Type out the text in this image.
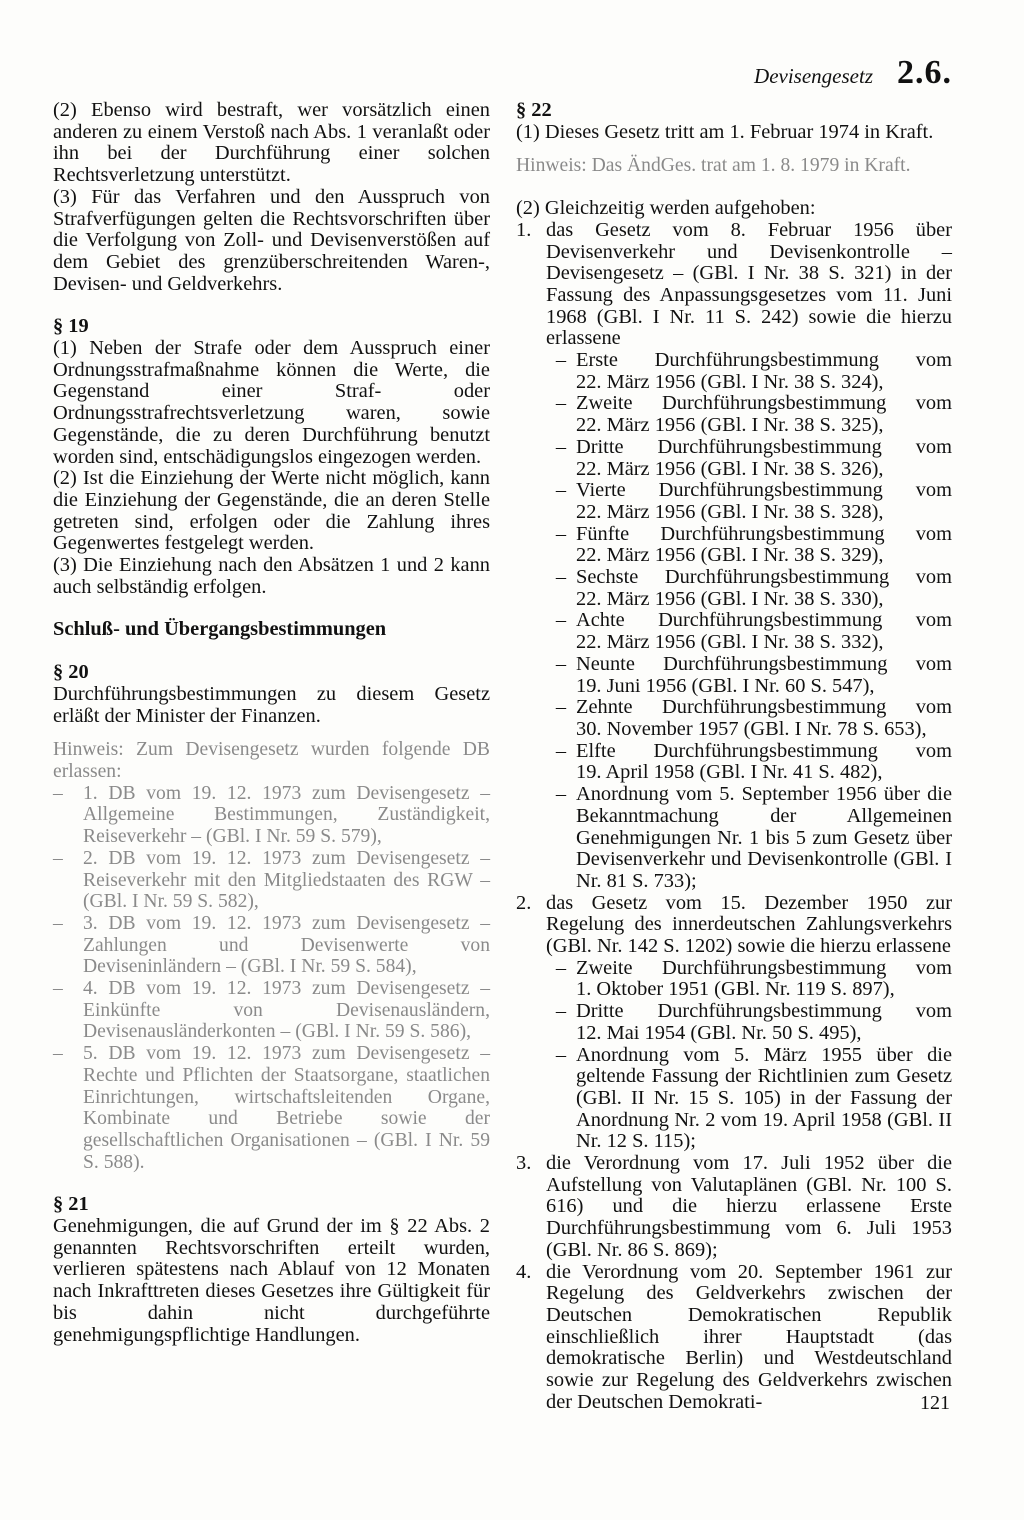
Devisengesetz 2.6.

(2) Ebenso wird bestraft, wer vorsätzlich einen anderen zu einem Verstoß nach Abs. 1 veranlaßt oder ihn bei der Durchführung einer solchen Rechtsverletzung unterstützt.

(3) Für das Verfahren und den Ausspruch von Strafverfügungen gelten die Rechtsvorschriften über die Verfolgung von Zoll- und Devisenverstößen auf dem Gebiet des grenzüberschreitenden Waren-, Devisen- und Geldverkehrs.

§ 19

(1) Neben der Strafe oder dem Ausspruch einer Ordnungsstrafmaßnahme können die Werte, die Gegenstand einer Straf- oder Ordnungsstrafrechtsverletzung waren, sowie Gegenstände, die zu deren Durchführung benutzt worden sind, entschädigungslos eingezogen werden.

(2) Ist die Einziehung der Werte nicht möglich, kann die Einziehung der Gegenstände, die an deren Stelle getreten sind, erfolgen oder die Zahlung ihres Gegenwertes festgelegt werden.

(3) Die Einziehung nach den Absätzen 1 und 2 kann auch selbständig erfolgen.

Schluß- und Übergangsbestimmungen

§ 20

Durchführungsbestimmungen zu diesem Gesetz erläßt der Minister der Finanzen.

Hinweis: Zum Devisengesetz wurden folgende DB erlassen:

–	1. DB vom 19. 12. 1973 zum Devisengesetz – Allgemeine Bestimmungen, Zuständigkeit, Reiseverkehr – (GBl. I Nr. 59 S. 579),
–	2. DB vom 19. 12. 1973 zum Devisengesetz – Reiseverkehr mit den Mitgliedstaaten des RGW – (GBl. I Nr. 59 S. 582),
–	3. DB vom 19. 12. 1973 zum Devisengesetz – Zahlungen und Devisenwerte von Deviseninländern – (GBl. I Nr. 59 S. 584),
–	4. DB vom 19. 12. 1973 zum Devisengesetz – Einkünfte von Devisenausländern, Devisenausländerkonten – (GBl. I Nr. 59 S. 586),
–	5. DB vom 19. 12. 1973 zum Devisengesetz – Rechte und Pflichten der Staatsorgane, staatlichen Einrichtungen, wirtschaftsleitenden Organe, Kombinate und Betriebe sowie der gesellschaftlichen Organisationen – (GBl. I Nr. 59 S. 588).

§ 21

Genehmigungen, die auf Grund der im § 22 Abs. 2 genannten Rechtsvorschriften erteilt wurden, verlieren spätestens nach Ablauf von 12 Monaten nach Inkrafttreten dieses Gesetzes ihre Gültigkeit für bis dahin nicht durchgeführte genehmigungspflichtige Handlungen.

§ 22

(1) Dieses Gesetz tritt am 1. Februar 1974 in Kraft.

Hinweis: Das ÄndGes. trat am 1. 8. 1979 in Kraft.

(2) Gleichzeitig werden aufgehoben:

1. das Gesetz vom 8. Februar 1956 über Devisenverkehr und Devisenkontrolle – Devisengesetz – (GBl. I Nr. 38 S. 321) in der Fassung des Anpassungsgesetzes vom 11. Juni 1968 (GBl. I Nr. 11 S. 242) sowie die hierzu erlassene

– Erste Durchführungsbestimmung vom
22. März 1956 (GBl. I Nr. 38 S. 324),
– Zweite Durchführungsbestimmung vom
22. März 1956 (GBl. I Nr. 38 S. 325),
– Dritte Durchführungsbestimmung vom
22. März 1956 (GBl. I Nr. 38 S. 326),
– Vierte Durchführungsbestimmung vom
22. März 1956 (GBl. I Nr. 38 S. 328),
– Fünfte Durchführungsbestimmung vom
22. März 1956 (GBl. I Nr. 38 S. 329),
– Sechste Durchführungsbestimmung vom
22. März 1956 (GBl. I Nr. 38 S. 330),
– Achte Durchführungsbestimmung vom
22. März 1956 (GBl. I Nr. 38 S. 332),
– Neunte Durchführungsbestimmung vom
19. Juni 1956 (GBl. I Nr. 60 S. 547),
– Zehnte Durchführungsbestimmung vom
30. November 1957 (GBl. I Nr. 78 S. 653),
– Elfte Durchführungsbestimmung vom
19. April 1958 (GBl. I Nr. 41 S. 482),
– Anordnung vom 5. September 1956 über die Bekanntmachung der Allgemeinen Genehmigungen Nr. 1 bis 5 zum Gesetz über Devisenverkehr und Devisenkontrolle (GBl. I Nr. 81 S. 733);
2. das Gesetz vom 15. Dezember 1950 zur Regelung des innerdeutschen Zahlungsverkehrs (GBl. Nr. 142 S. 1202) sowie die hierzu erlassene

– Zweite Durchführungsbestimmung vom
1. Oktober 1951 (GBl. Nr. 119 S. 897),
– Dritte Durchführungsbestimmung vom
12. Mai 1954 (GBl. Nr. 50 S. 495),
– Anordnung vom 5. März 1955 über die geltende Fassung der Richtlinien zum Gesetz (GBl. II Nr. 15 S. 105) in der Fassung der Anordnung Nr. 2 vom 19. April 1958 (GBl. II Nr. 12 S. 115);
3. die Verordnung vom 17. Juli 1952 über die Aufstellung von Valutaplänen (GBl. Nr. 100 S. 616) und die hierzu erlassene Erste Durchführungsbestimmung vom 6. Juli 1953 (GBl. Nr. 86 S. 869);

4. die Verordnung vom 20. September 1961 zur Regelung des Geldverkehrs zwischen der Deutschen Demokratischen Republik einschließlich ihrer Hauptstadt (das demokratische Berlin) und Westdeutschland sowie zur Regelung des Geldverkehrs zwischen der Deutschen Demokrati-	121
